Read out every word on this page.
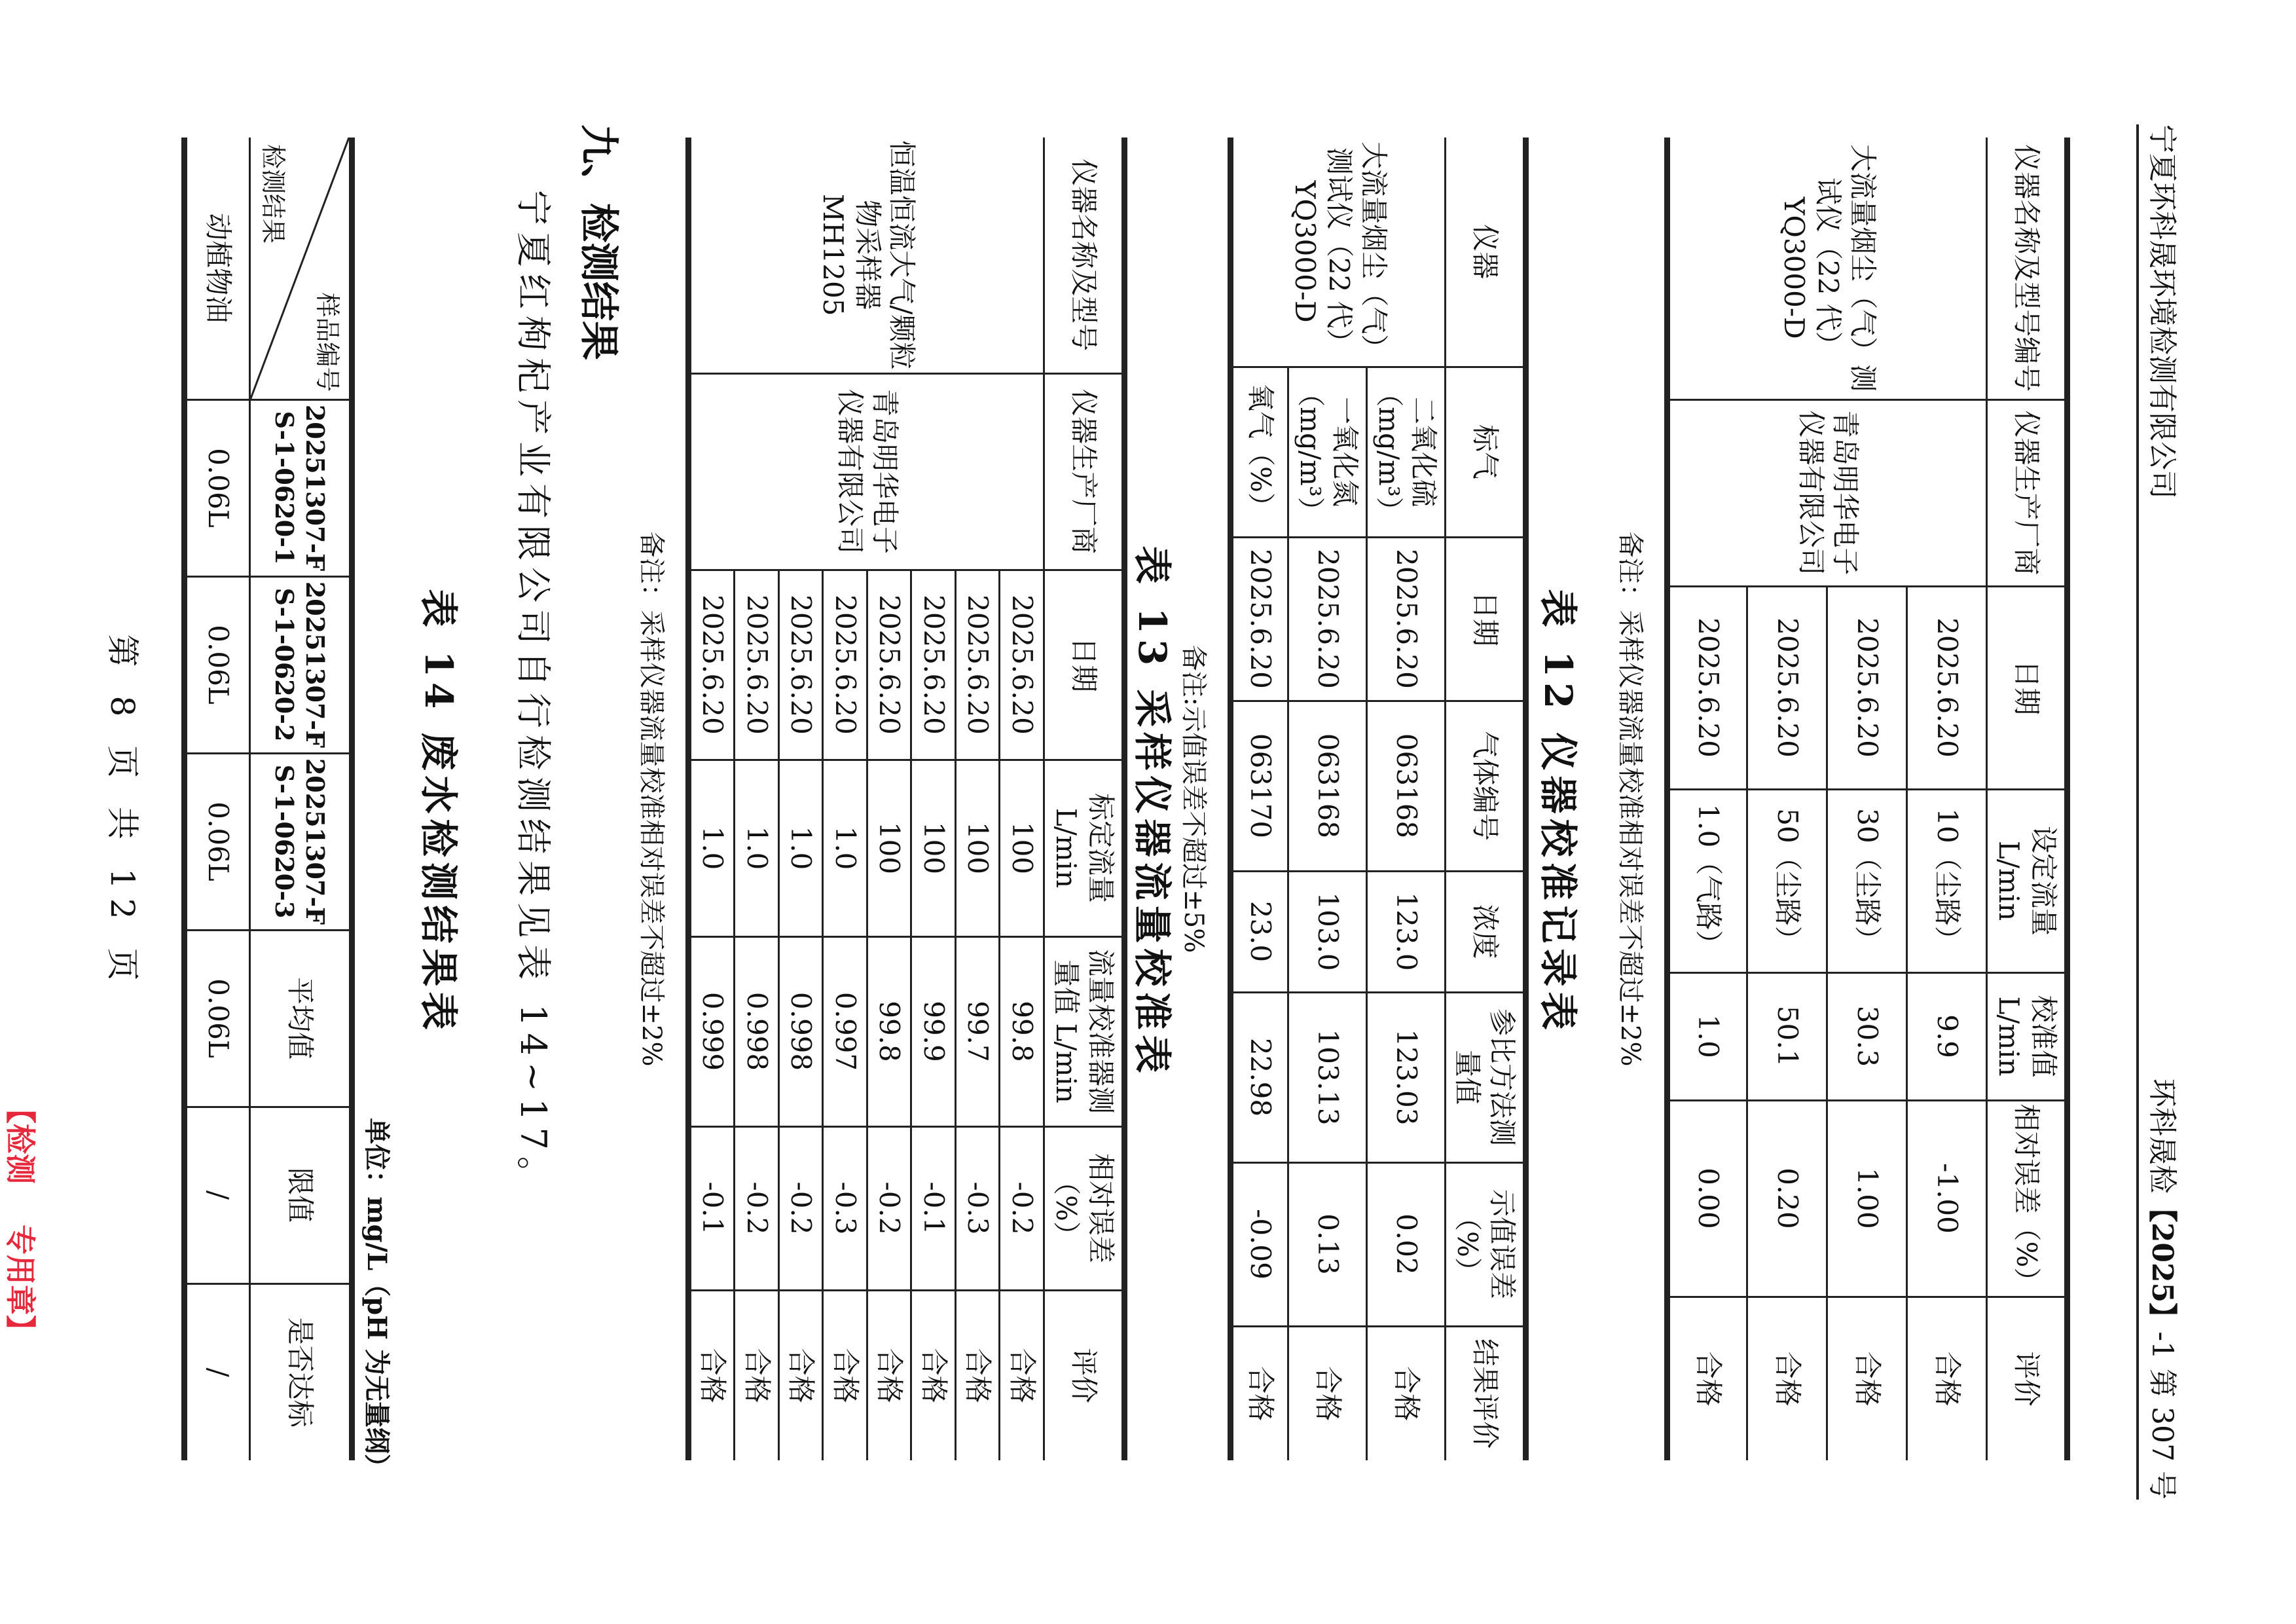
宁夏环科晟环境检测有限公司
环科晟检【2025】-1 第 307 号
仪器名称及型号编号	仪器生产厂商	日期	设定流量 L/min	校准值 L/min	相对误差（%）	评价
大流量烟尘（气）测试仪（22 代）YQ3000-D	青岛明华电子仪器有限公司	2025.6.20	10（尘路）	9.9	-1.00	合格
		2025.6.20	30（尘路）	30.3	1.00	合格
		2025.6.20	50（尘路）	50.1	0.20	合格
		2025.6.20	1.0（气路）	1.0	0.00	合格
备注：采样仪器流量校准相对误差不超过±2%
表 12 仪器校准记录表
仪器	标气	日期	气体编号	浓度	参比方法测量值	示值误差（%）	结果评价
大流量烟尘（气）测试仪（22 代）YQ3000-D	二氧化硫（mg/m³）	2025.6.20	063168	123.0	123.03	0.02	合格
	一氧化氮（mg/m³）	2025.6.20	063168	103.0	103.13	0.13	合格
	氧气（%）	2025.6.20	063170	23.0	22.98	-0.09	合格
备注:示值误差不超过±5%
表 13 采样仪器流量校准表
仪器名称及型号	仪器生产厂商	日期	标定流量 L/min	流量校准器测量值 L/min	相对误差（%）	评价
恒温恒流大气/颗粒物采样器 MH1205	青岛明华电子仪器有限公司	2025.6.20	100	99.8	-0.2	合格
		2025.6.20	100	99.7	-0.3	合格
		2025.6.20	100	99.9	-0.1	合格
		2025.6.20	100	99.8	-0.2	合格
		2025.6.20	1.0	0.997	-0.3	合格
		2025.6.20	1.0	0.998	-0.2	合格
		2025.6.20	1.0	0.998	-0.2	合格
		2025.6.20	1.0	0.999	-0.1	合格
备注：采样仪器流量校准相对误差不超过±2%
九、检测结果
宁夏红枸杞产业有限公司自行检测结果见表 14~17。
表 14 废水检测结果表
单位：mg/L（pH 为无量纲）
样品编号
检测结果	20251307-FS-1-0620-1	20251307-FS-1-0620-2	20251307-FS-1-0620-3	平均值	限值	是否达标
动植物油	0.06L	0.06L	0.06L	0.06L	/	/
第 8 页 共 12 页
【检测
专用章】
